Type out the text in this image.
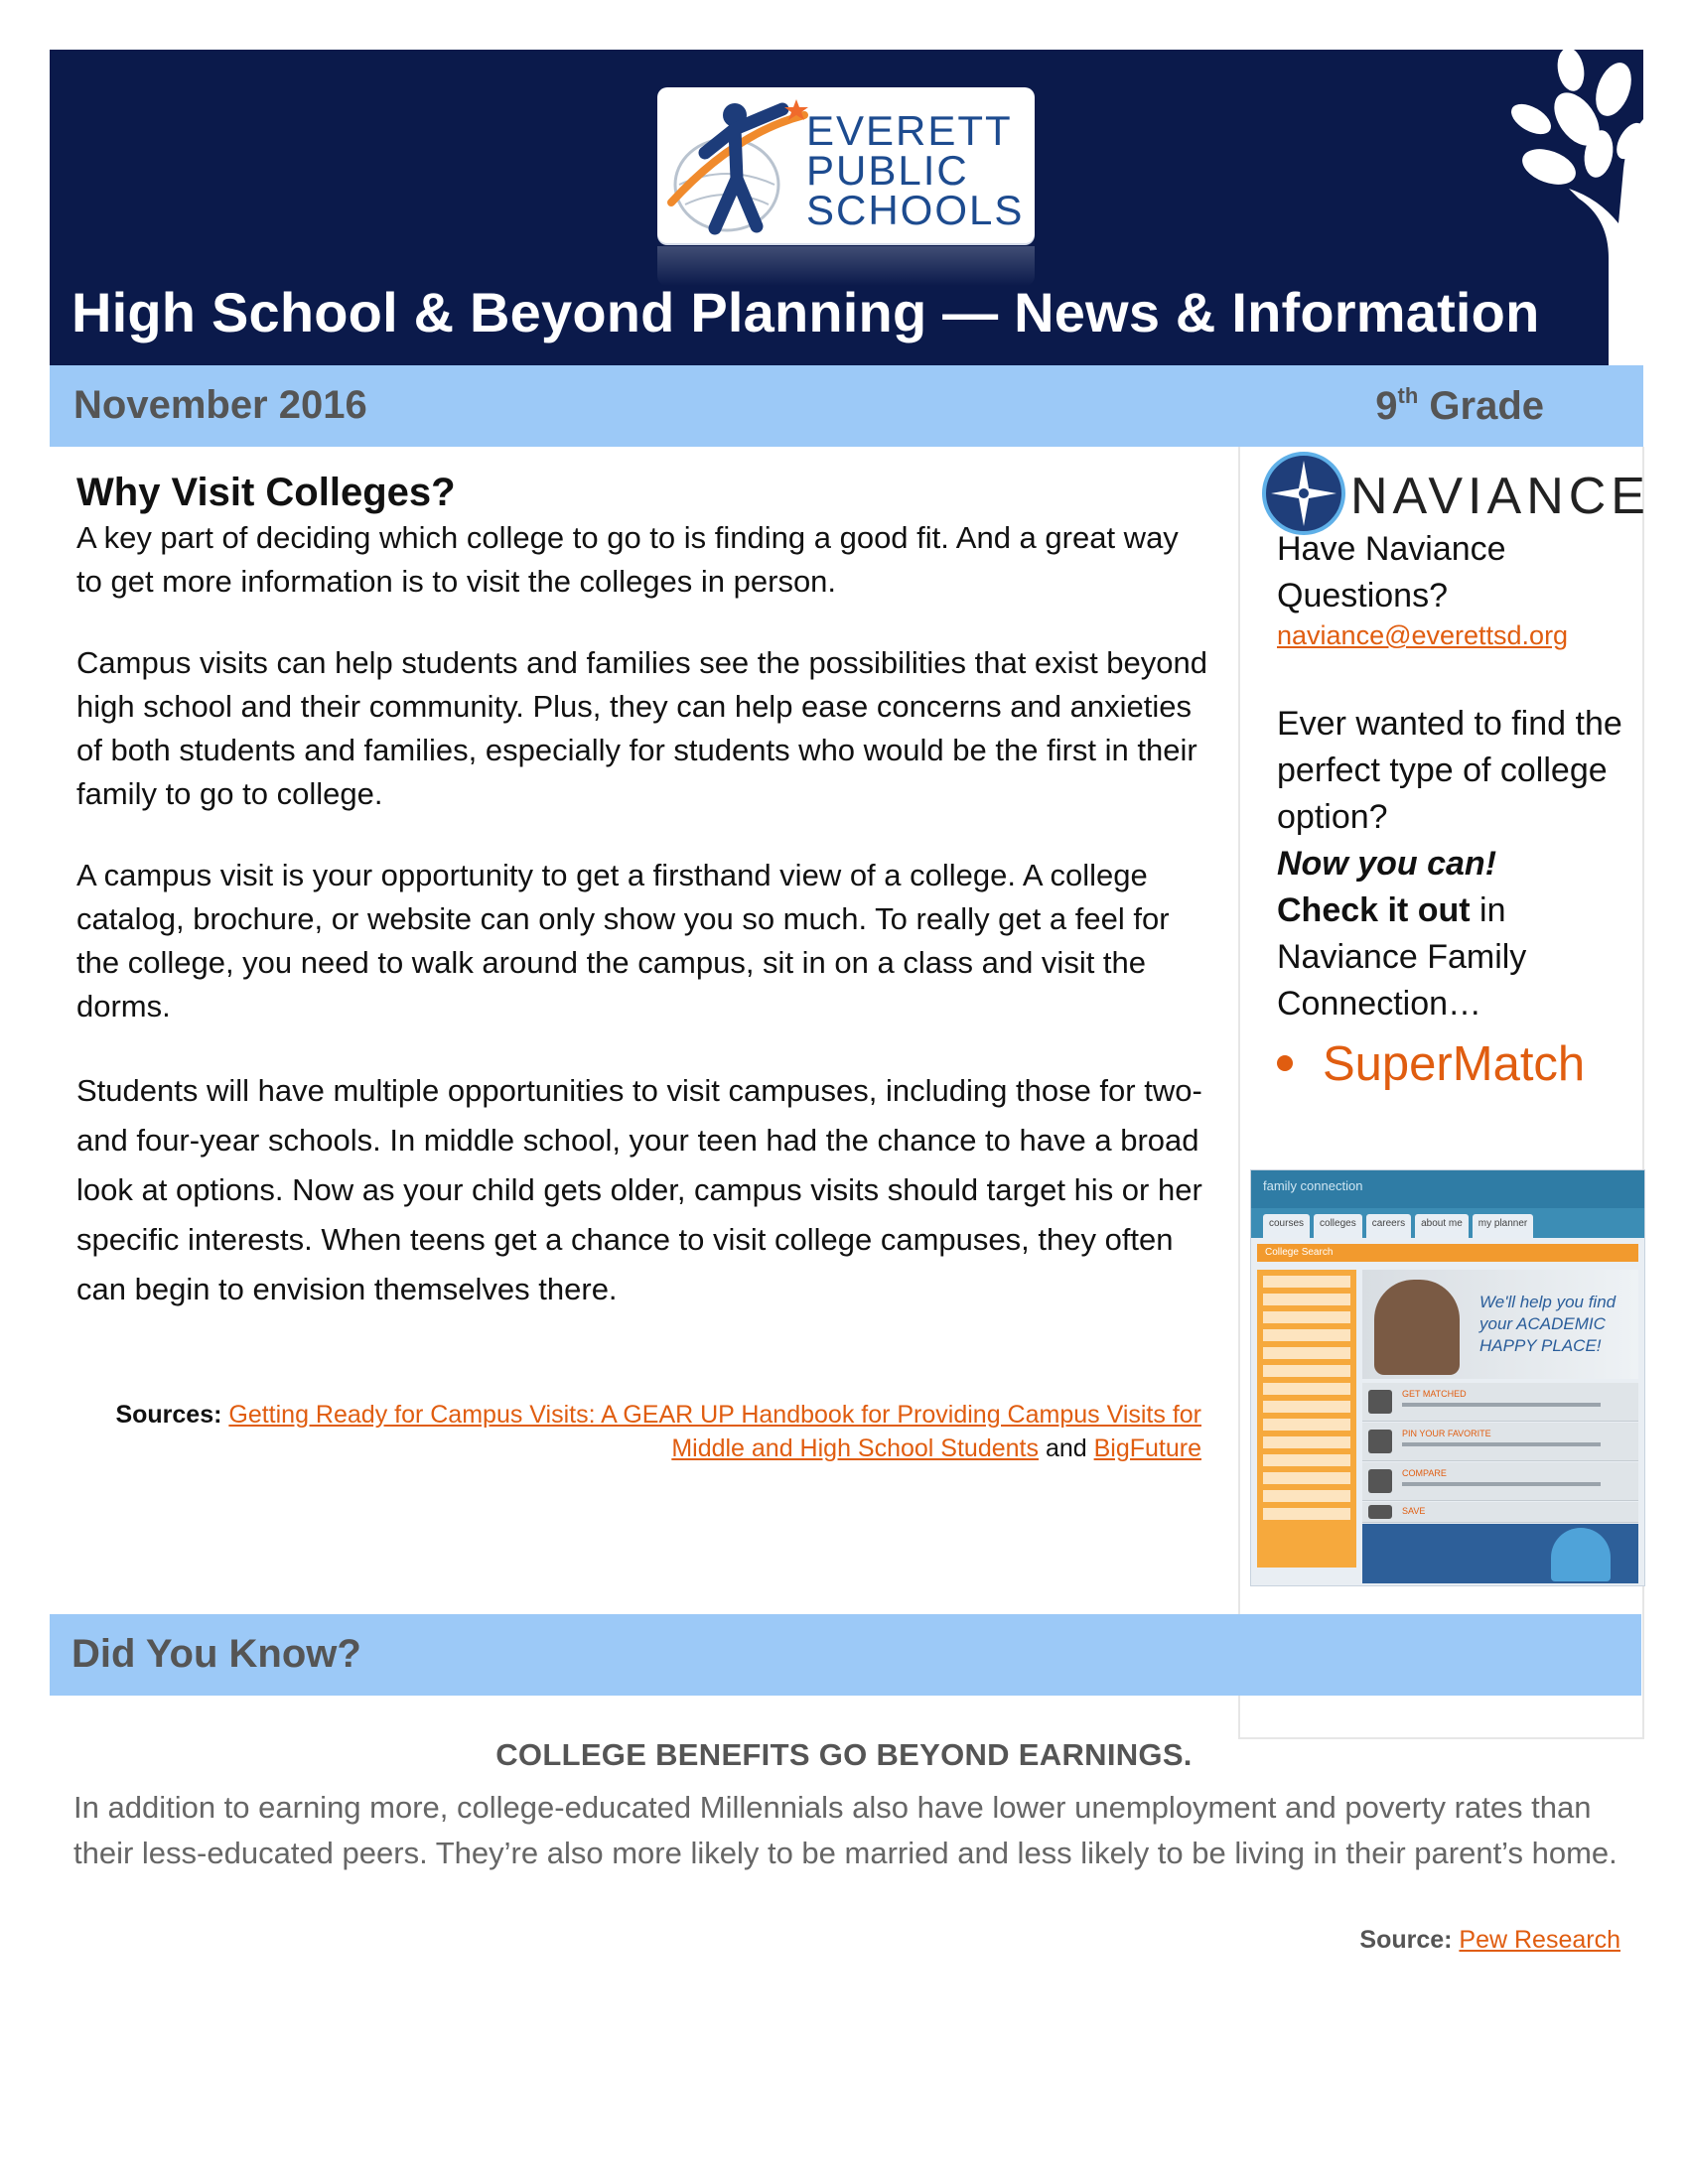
EVERETT
PUBLIC
SCHOOLS
High School & Beyond Planning — News & Information
November 2016	9th Grade
Why Visit Colleges?

A key part of deciding which college to go to is finding a good fit. And a great way to get more information is to visit the colleges in person.

Campus visits can help students and families see the possibilities that exist beyond high school and their community. Plus, they can help ease concerns and anxieties of both students and families, especially for students who would be the first in their family to go to college.

A campus visit is your opportunity to get a firsthand view of a college. A college catalog, brochure, or website can only show you so much. To really get a feel for the college, you need to walk around the campus, sit in on a class and visit the dorms.

Students will have multiple opportunities to visit campuses, including those for two- and four-year schools. In middle school, your teen had the chance to have a broad look at options. Now as your child gets older, campus visits should target his or her specific interests. When teens get a chance to visit college campuses, they often can begin to envision themselves there.

Sources: Getting Ready for Campus Visits: A GEAR UP Handbook for Providing Campus Visits for Middle and High School Students and BigFuture
NAVIANCE
Have Naviance Questions?
naviance@everettsd.org
Ever wanted to find the perfect type of college option?
Now you can!
Check it out in Naviance Family Connection…
SuperMatch
family connection
courses	colleges	careers	about me	my planner
College Search
We'll help you find your ACADEMIC HAPPY PLACE!
GET MATCHED
PIN YOUR FAVORITE
COMPARE
SAVE
Did You Know?
COLLEGE BENEFITS GO BEYOND EARNINGS.
In addition to earning more, college-educated Millennials also have lower unemployment and poverty rates than their less-educated peers. They’re also more likely to be married and less likely to be living in their parent’s home.
Source: Pew Research
